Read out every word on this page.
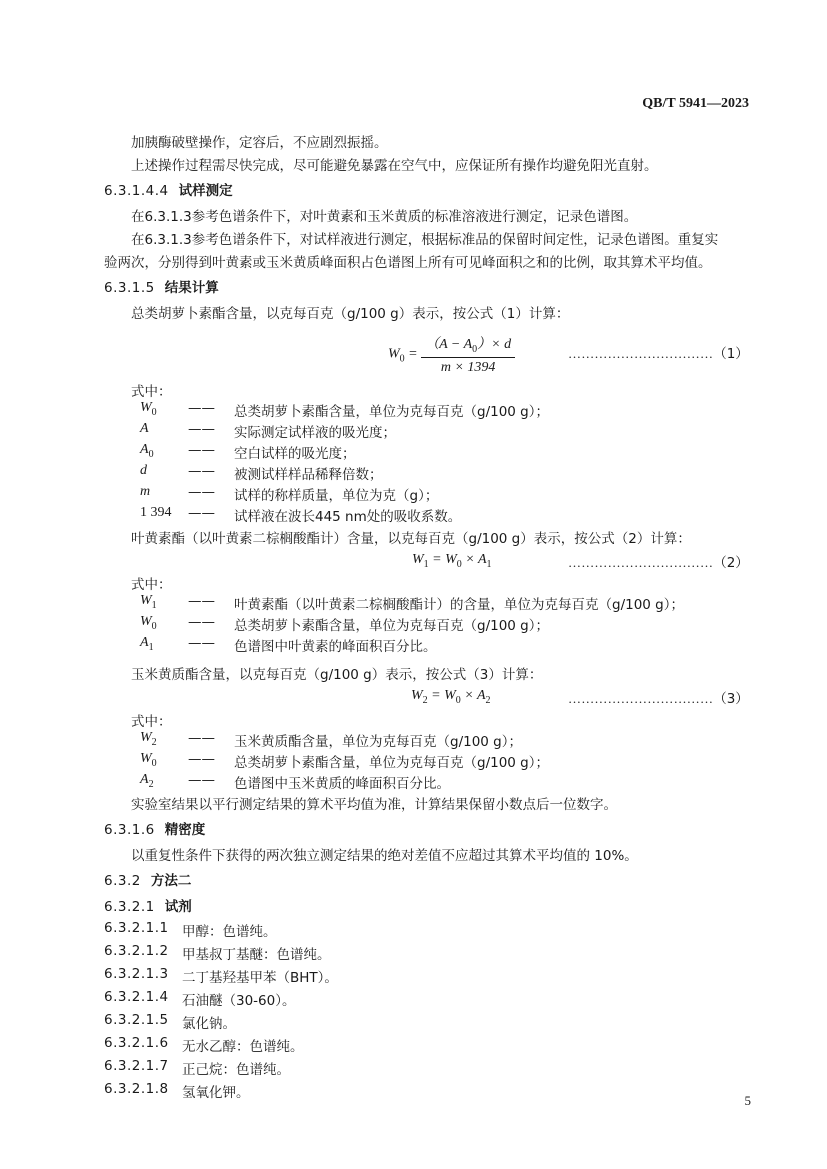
QB/T 5941—2023
加胰酶破壁操作，定容后，不应剧烈振摇。
上述操作过程需尽快完成，尽可能避免暴露在空气中，应保证所有操作均避免阳光直射。
6.3.1.4.4 试样测定
在6.3.1.3参考色谱条件下，对叶黄素和玉米黄质的标准溶液进行测定，记录色谱图。
在6.3.1.3参考色谱条件下，对试样液进行测定，根据标准品的保留时间定性，记录色谱图。重复实
验两次，分别得到叶黄素或玉米黄质峰面积占色谱图上所有可见峰面积之和的比例，取其算术平均值。
6.3.1.5 结果计算
总类胡萝卜素酯含量，以克每百克（g/100 g）表示，按公式（1）计算：
$W_0 = \frac{(A - A_0)\times d}{m \times 1394}$	……………………………（1）
式中：
$W_0$ —— 总类胡萝卜素酯含量，单位为克每百克（g/100 g）；
A	—— 实际测定试样液的吸光度；
$A_0$	—— 空白试样的吸光度；
d	—— 被测试样样品稀释倍数；
m	—— 试样的称样质量，单位为克（g）；
1 394 —— 试样液在波长445 nm处的吸收系数。
叶黄素酯（以叶黄素二棕榈酸酯计）含量，以克每百克（g/100 g）表示，按公式（2）计算：
$W_1 = W_0 \times A_1$	……………………………（2）
式中：
$W_1$ —— 叶黄素酯（以叶黄素二棕榈酸酯计）的含量，单位为克每百克（g/100 g）；
$W_0$ —— 总类胡萝卜素酯含量，单位为克每百克（g/100 g）；
$A_1$	—— 色谱图中叶黄素的峰面积百分比。
玉米黄质酯含量，以克每百克（g/100 g）表示，按公式（3）计算：
$W_2 = W_0 \times A_2$	……………………………（3）
式中：
$W_2$ —— 玉米黄质酯含量，单位为克每百克（g/100 g）；
$W_0$ —— 总类胡萝卜素酯含量，单位为克每百克（g/100 g）；
$A_2$	—— 色谱图中玉米黄质的峰面积百分比。
实验室结果以平行测定结果的算术平均值为准，计算结果保留小数点后一位数字。
6.3.1.6 精密度
以重复性条件下获得的两次独立测定结果的绝对差值不应超过其算术平均值的 10%。
6.3.2 方法二
6.3.2.1 试剂
6.3.2.1.1 甲醇：色谱纯。
6.3.2.1.2 甲基叔丁基醚：色谱纯。
6.3.2.1.3 二丁基羟基甲苯（BHT）。
6.3.2.1.4 石油醚（30-60）。
6.3.2.1.5 氯化钠。
6.3.2.1.6 无水乙醇：色谱纯。
6.3.2.1.7 正己烷：色谱纯。
6.3.2.1.8 氢氧化钾。	5
